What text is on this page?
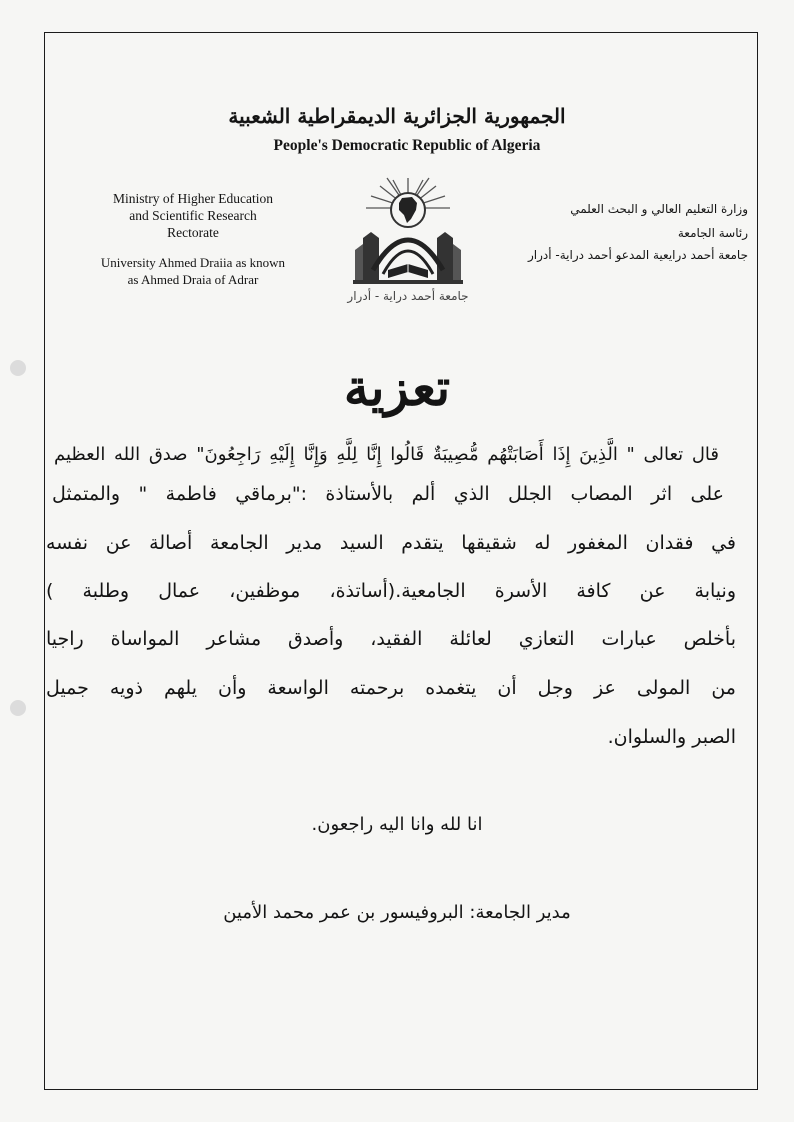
الجمهورية الجزائرية الديمقراطية الشعبية
People's Democratic Republic of Algeria
Ministry of Higher Education
and Scientific Research
Rectorate
University Ahmed Draiia as known
as Ahmed Draia of Adrar
وزارة التعليم العالي و البحث العلمي
رئاسة الجامعة
جامعة أحمد درايعية المدعو أحمد دراية- أدرار
جامعة أحمد دراية - أدرار
تعزية
قال تعالى " الَّذِينَ إِذَا أَصَابَتْهُم مُّصِيبَةٌ قَالُوا إِنَّا لِلَّهِ وَإِنَّا إِلَيْهِ رَاجِعُونَ" صدق الله العظيم
على اثر المصاب الجلل الذي ألم بالأستاذة :"برماقي فاطمة " والمتمثل
في فقدان المغفور له شقيقها يتقدم السيد مدير الجامعة أصالة عن نفسه
ونيابة عن كافة الأسرة الجامعية.(أساتذة، موظفين، عمال وطلبة )
بأخلص عبارات التعازي لعائلة الفقيد، وأصدق مشاعر المواساة راجيا
من المولى عز وجل أن يتغمده برحمته الواسعة وأن يلهم ذويه جميل
الصبر والسلوان.
انا لله وانا اليه راجعون.
مدير الجامعة: البروفيسور بن عمر محمد الأمين
